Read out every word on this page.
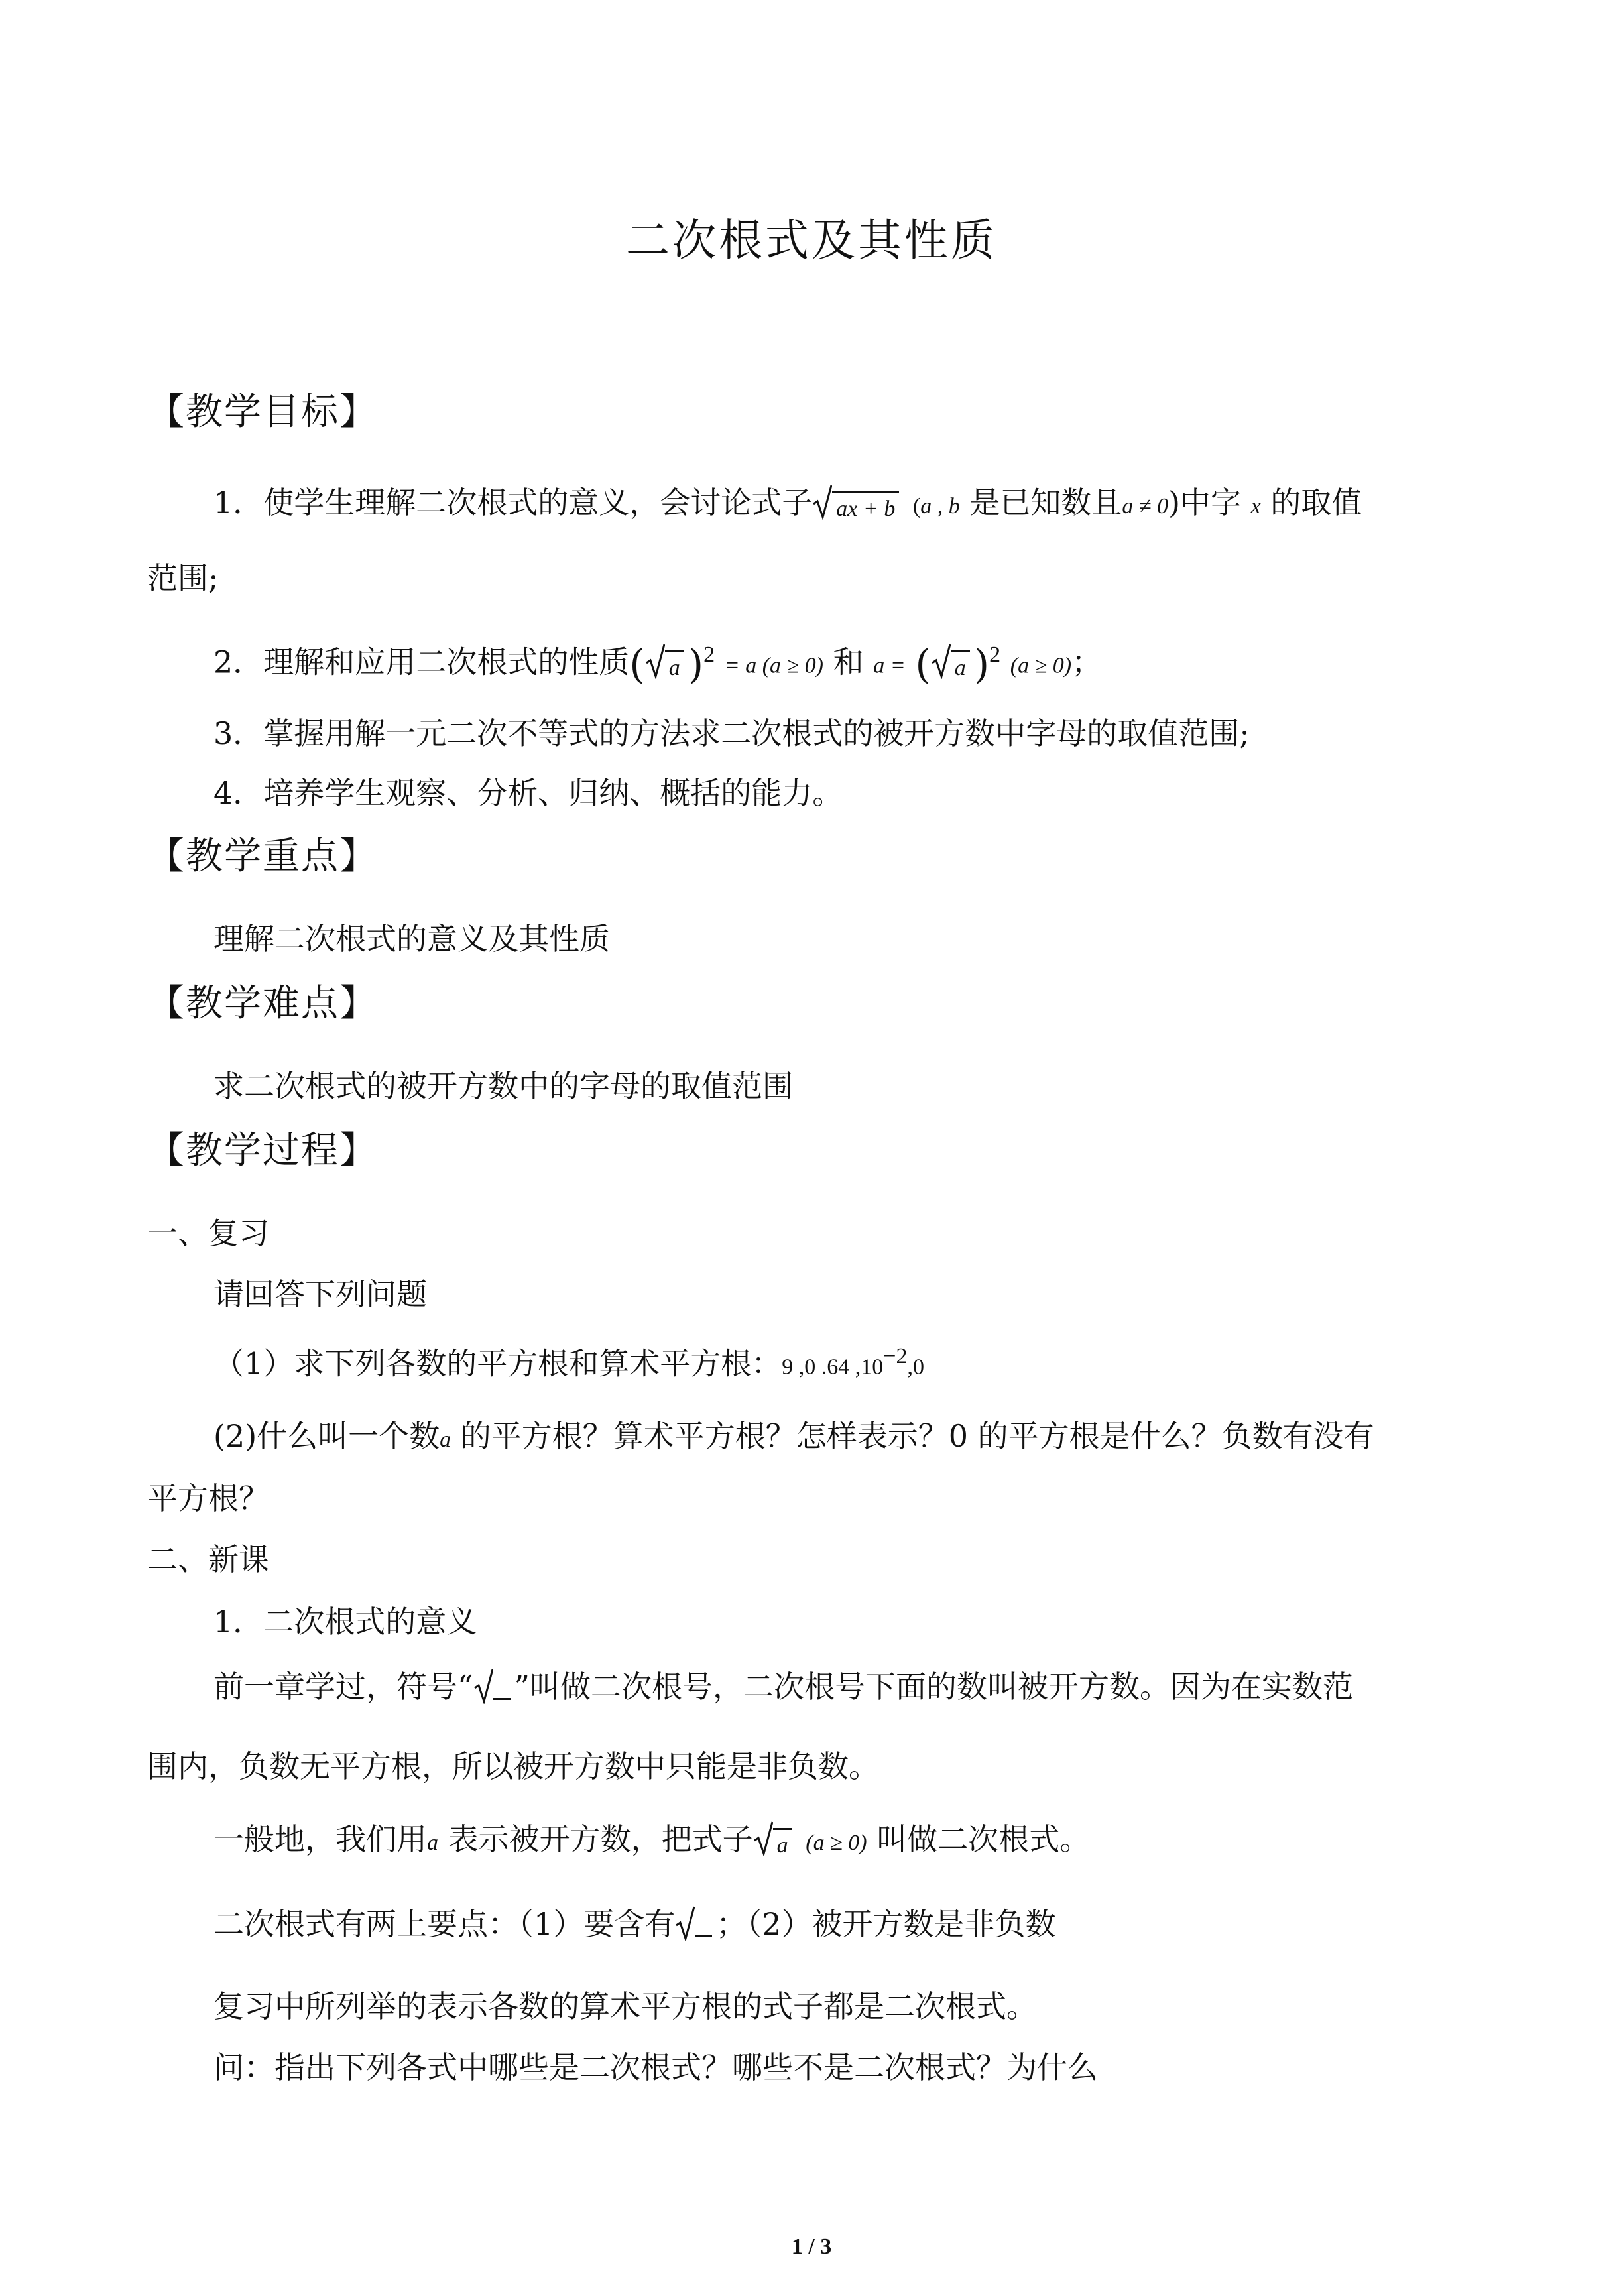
二次根式及其性质
【教学目标】
1．使学生理解二次根式的意义，会讨论式子 ax + b (a , b 是已知数且a ≠ 0)中字 x 的取值
范围;
2．理解和应用二次根式的性质( a )$^2$ = a (a ≥ 0) 和 a = ( a )$^2$ (a ≥ 0)；
3．掌握用解一元二次不等式的方法求二次根式的被开方数中字母的取值范围;
4．培养学生观察、分析、归纳、概括的能力。
【教学重点】
理解二次根式的意义及其性质
【教学难点】
求二次根式的被开方数中的字母的取值范围
【教学过程】
一、复习
请回答下列问题
（1）求下列各数的平方根和算术平方根：9 ,0 .64 $,10^{-2},0$
(2)什么叫一个数a 的平方根？算术平方根？怎样表示？0 的平方根是什么？负数有没有
平方根？
二、新课
1．二次根式的意义
前一章学过，符号“ ”叫做二次根号，二次根号下面的数叫被开方数。因为在实数范
围内，负数无平方根，所以被开方数中只能是非负数。
一般地，我们用a 表示被开方数，把式子 a (a ≥ 0) 叫做二次根式。
二次根式有两上要点：（1）要含有 ；（2）被开方数是非负数
复习中所列举的表示各数的算术平方根的式子都是二次根式。
问：指出下列各式中哪些是二次根式？哪些不是二次根式？为什么
1 / 3
